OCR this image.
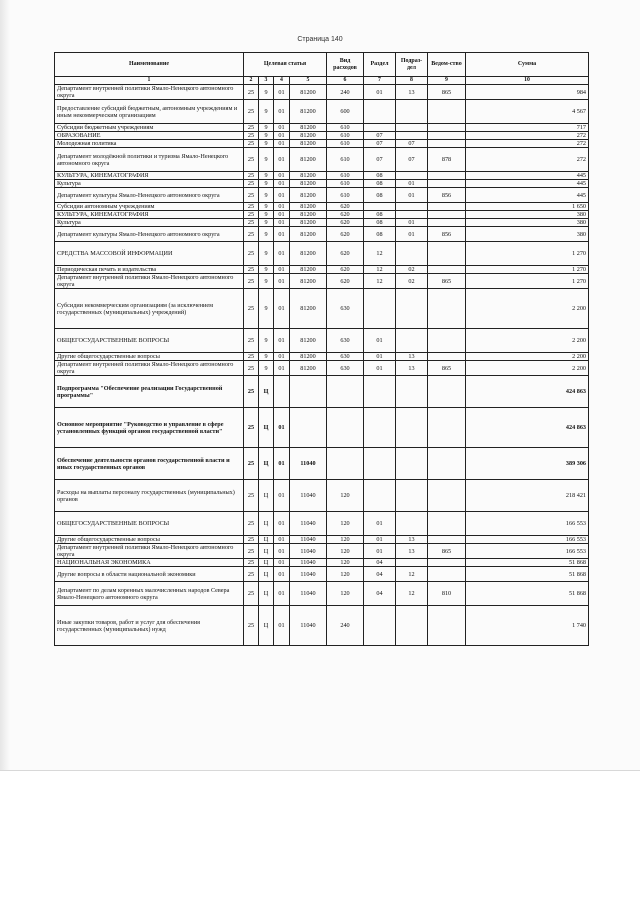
Страница 140
Наименование	Целевая статья				Вид расходов	Раздел	Подраз-дел	Ведом-ство	Сумма
1	2	3	4	5	6	7	8	9	10
Департамент внутренней политики Ямало-Ненецкого автономного округа	25	9	01	81200	240	01	13	865	984
Предоставление субсидий бюджетным, автономным учреждениям и иным некоммерческим организациям	25	9	01	81200	600				4 567
Субсидии бюджетным учреждениям	25	9	01	81200	610				717
ОБРАЗОВАНИЕ	25	9	01	81200	610	07			272
Молодежная политика	25	9	01	81200	610	07	07		272
Департамент молодёжной политики и туризма Ямало-Ненецкого автономного округа	25	9	01	81200	610	07	07	878	272
КУЛЬТУРА, КИНЕМАТОГРАФИЯ	25	9	01	81200	610	08			445
Культура	25	9	01	81200	610	08	01		445
Департамент культуры Ямало-Ненецкого автономного округа	25	9	01	81200	610	08	01	856	445
Субсидии автономным учреждениям	25	9	01	81200	620				1 650
КУЛЬТУРА, КИНЕМАТОГРАФИЯ	25	9	01	81200	620	08			380
Культура	25	9	01	81200	620	08	01		380
Департамент культуры Ямало-Ненецкого автономного округа	25	9	01	81200	620	08	01	856	380
СРЕДСТВА МАССОВОЙ ИНФОРМАЦИИ	25	9	01	81200	620	12			1 270
Периодическая печать и издательства	25	9	01	81200	620	12	02		1 270
Департамент внутренней политики Ямало-Ненецкого автономного округа	25	9	01	81200	620	12	02	865	1 270
Субсидии некоммерческим организациям (за исключением государственных (муниципальных) учреждений)	25	9	01	81200	630				2 200
ОБЩЕГОСУДАРСТВЕННЫЕ ВОПРОСЫ	25	9	01	81200	630	01			2 200
Другие общегосударственные вопросы	25	9	01	81200	630	01	13		2 200
Департамент внутренней политики Ямало-Ненецкого автономного округа	25	9	01	81200	630	01	13	865	2 200
Подпрограмма "Обеспечение реализации Государственной программы"	25	Ц							424 863
Основное мероприятие "Руководство и управление в сфере установленных функций органов государственной власти"	25	Ц	01						424 863
Обеспечение деятельности органов государственной власти и иных государственных органов	25	Ц	01	11040					389 306
Расходы на выплаты персоналу государственных (муниципальных) органов	25	Ц	01	11040	120				218 421
ОБЩЕГОСУДАРСТВЕННЫЕ ВОПРОСЫ	25	Ц	01	11040	120	01			166 553
Другие общегосударственные вопросы	25	Ц	01	11040	120	01	13		166 553
Департамент внутренней политики Ямало-Ненецкого автономного округа	25	Ц	01	11040	120	01	13	865	166 553
НАЦИОНАЛЬНАЯ ЭКОНОМИКА	25	Ц	01	11040	120	04			51 868
Другие вопросы в области национальной экономики	25	Ц	01	11040	120	04	12		51 868
Департамент по делам коренных малочисленных народов Севера Ямало-Ненецкого автономного округа	25	Ц	01	11040	120	04	12	810	51 868
Иные закупки товаров, работ и услуг для обеспечения государственных (муниципальных) нужд	25	Ц	01	11040	240				1 740
